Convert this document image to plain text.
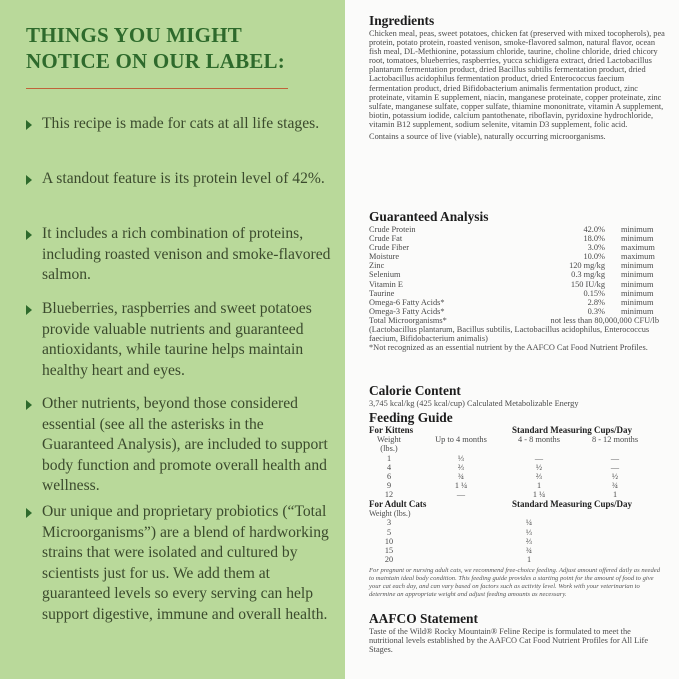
THINGS YOU MIGHT
NOTICE ON OUR LABEL:
This recipe is made for cats at all life stages.
A standout feature is its protein level of 42%.
It includes a rich combination of proteins, including roasted venison and smoke-flavored salmon.
Blueberries, raspberries and sweet potatoes provide valuable nutrients and guaranteed antioxidants, while taurine helps maintain healthy heart and eyes.
Other nutrients, beyond those considered essential (see all the asterisks in the Guaranteed Analysis), are included to support body function and promote overall health and wellness.
Our unique and proprietary probiotics (“Total Microorganisms”) are a blend of hardworking strains that were isolated and cultured by scientists just for us. We add them at guaranteed levels so every serving can help support digestive, immune and overall health.
Ingredients
Chicken meal, peas, sweet potatoes, chicken fat (preserved with mixed tocopherols), pea protein, potato protein, roasted venison, smoke-flavored salmon, natural flavor, ocean fish meal, DL-Methionine, potassium chloride, taurine, choline chloride, dried chicory root, tomatoes, blueberries, raspberries, yucca schidigera extract, dried Lactobacillus plantarum fermentation product, dried Bacillus subtilis fermentation product, dried Lactobacillus acidophilus fermentation product, dried Enterococcus faecium fermentation product, dried Bifidobacterium animalis fermentation product, zinc proteinate, vitamin E supplement, niacin, manganese proteinate, copper proteinate, zinc sulfate, manganese sulfate, copper sulfate, thiamine mononitrate, vitamin A supplement, biotin, potassium iodide, calcium pantothenate, riboflavin, pyridoxine hydrochloride, vitamin B12 supplement, sodium selenite, vitamin D3 supplement, folic acid.
Contains a source of live (viable), naturally occurring microorganisms.
Guaranteed Analysis
Crude Protein	42.0% minimum
Crude Fat	18.0% minimum
Crude Fiber	3.0% maximum
Moisture	10.0% maximum
Zinc	120 mg/kg minimum
Selenium	0.3 mg/kg minimum
Vitamin E	150 IU/kg minimum
Taurine	0.15% minimum
Omega-6 Fatty Acids*	2.8% minimum
Omega-3 Fatty Acids*	0.3% minimum
Total Microorganisms*	not less than 80,000,000 CFU/lb
(Lactobacillus plantarum, Bacillus subtilis, Lactobacillus acidophilus, Enterococcus faecium, Bifidobacterium animalis)
*Not recognized as an essential nutrient by the AAFCO Cat Food Nutrient Profiles.
Calorie Content
3,745 kcal/kg (425 kcal/cup) Calculated Metabolizable Energy
Feeding Guide
For Kittens	Standard Measuring Cups/Day
Weight (lbs.)
Up to 4 months	4 - 8 months	8 - 12 months
1	⅓	—	—
4	⅔	½	—
6	¾	⅔	½
9	1 ¼	1	¾
12	—	1 ¼	1
For Adult Cats	Standard Measuring Cups/Day
Weight (lbs.)
3	¼
5	⅓
10	⅔
15	¾
20	1
For pregnant or nursing adult cats, we recommend free-choice feeding. Adjust amount offered daily as needed to maintain ideal body condition. This feeding guide provides a starting point for the amount of food to give your cat each day, and can vary based on factors such as activity level. Work with your veterinarian to determine an appropriate weight and adjust feeding amounts as necessary.
AAFCO Statement
Taste of the Wild® Rocky Mountain® Feline Recipe is formulated to meet the nutritional levels established by the AAFCO Cat Food Nutrient Profiles for All Life Stages.
